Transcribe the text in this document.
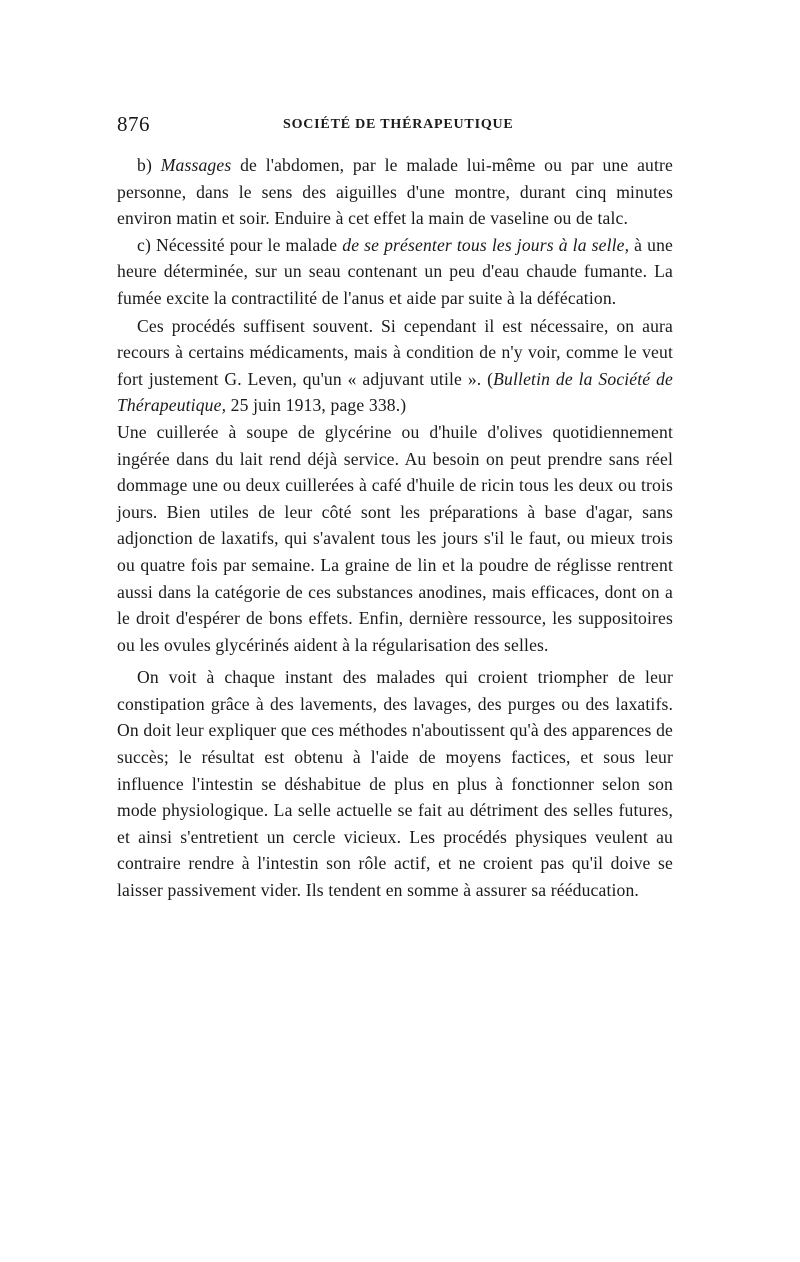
876	SOCIÉTÉ DE THÉRAPEUTIQUE

b) Massages de l'abdomen, par le malade lui-même ou par une autre personne, dans le sens des aiguilles d'une montre, durant cinq minutes environ matin et soir. Enduire à cet effet la main de vaseline ou de talc.

c) Nécessité pour le malade de se présenter tous les jours à la selle, à une heure déterminée, sur un seau contenant un peu d'eau chaude fumante. La fumée excite la contractilité de l'anus et aide par suite à la défécation.

Ces procédés suffisent souvent. Si cependant il est nécessaire, on aura recours à certains médicaments, mais à condition de n'y voir, comme le veut fort justement G. Leven, qu'un « adjuvant utile ». (Bulletin de la Société de Thérapeutique, 25 juin 1913, page 338.)

Une cuillerée à soupe de glycérine ou d'huile d'olives quotidiennement ingérée dans du lait rend déjà service. Au besoin on peut prendre sans réel dommage une ou deux cuillerées à café d'huile de ricin tous les deux ou trois jours. Bien utiles de leur côté sont les préparations à base d'agar, sans adjonction de laxatifs, qui s'avalent tous les jours s'il le faut, ou mieux trois ou quatre fois par semaine. La graine de lin et la poudre de réglisse rentrent aussi dans la catégorie de ces substances anodines, mais efficaces, dont on a le droit d'espérer de bons effets. Enfin, dernière ressource, les suppositoires ou les ovules glycérinés aident à la régularisation des selles.

On voit à chaque instant des malades qui croient triompher de leur constipation grâce à des lavements, des lavages, des purges ou des laxatifs. On doit leur expliquer que ces méthodes n'aboutissent qu'à des apparences de succès; le résultat est obtenu à l'aide de moyens factices, et sous leur influence l'intestin se déshabitue de plus en plus à fonctionner selon son mode physiologique. La selle actuelle se fait au détriment des selles futures, et ainsi s'entretient un cercle vicieux. Les procédés physiques veulent au contraire rendre à l'intestin son rôle actif, et ne croient pas qu'il doive se laisser passivement vider. Ils tendent en somme à assurer sa rééducation.
